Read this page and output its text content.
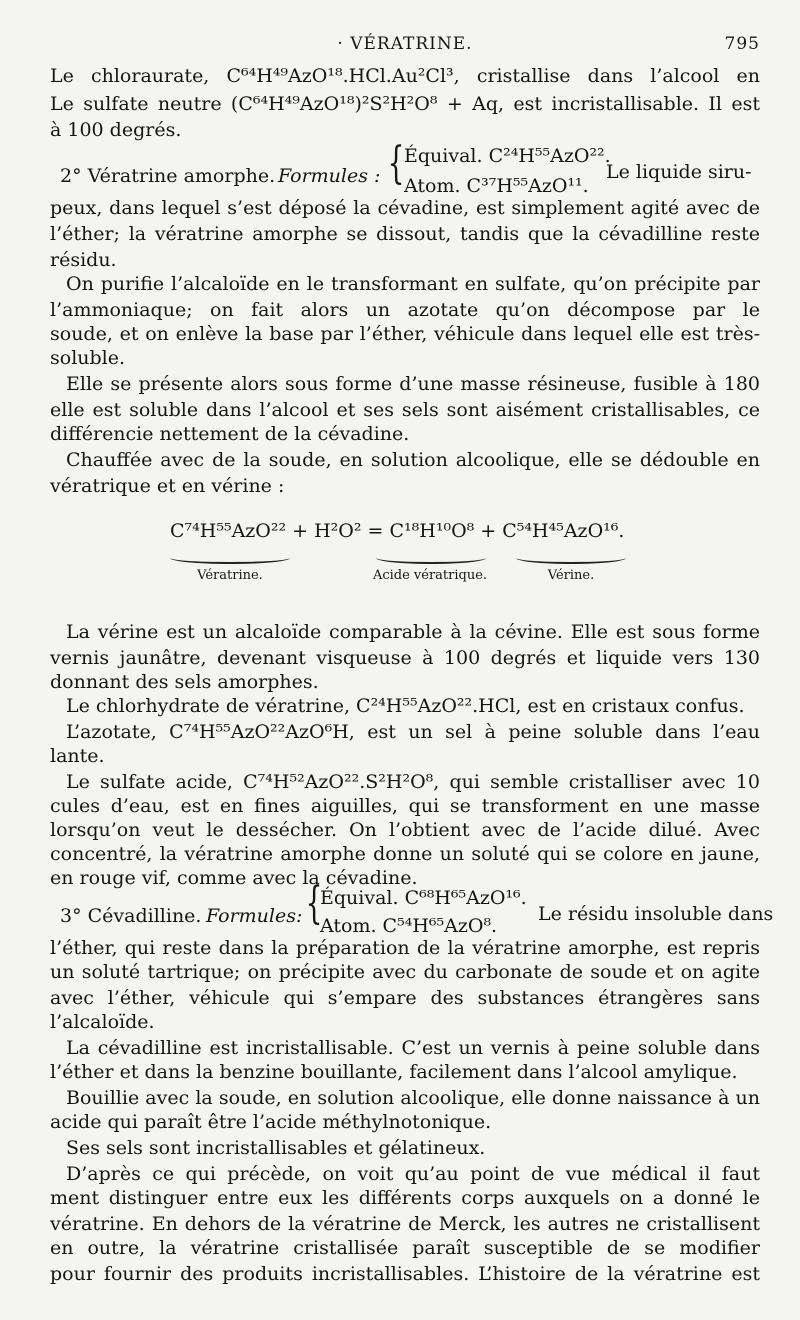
· VÉRATRINE.	795
Le chloraurate, C⁶⁴H⁴⁹AzO¹⁸.HCl.Au²Cl³, cristallise dans l’alcool en
Le sulfate neutre (C⁶⁴H⁴⁹AzO¹⁸)²S²H²O⁸ + Aq, est incristallisable. Il est
à 100 degrés.
2° Vératrine amorphe. Formules : { Équival. C²⁴H⁵⁵AzO²².
Atom. C³⁷H⁵⁵AzO¹¹.
Le liquide siru-
peux, dans lequel s’est déposé la cévadine, est simplement agité avec de
l’éther; la vératrine amorphe se dissout, tandis que la cévadilline reste
résidu.
On purifie l’alcaloïde en le transformant en sulfate, qu’on précipite par
l’ammoniaque; on fait alors un azotate qu’on décompose par le
soude, et on enlève la base par l’éther, véhicule dans lequel elle est très-
soluble.
Elle se présente alors sous forme d’une masse résineuse, fusible à 180
elle est soluble dans l’alcool et ses sels sont aisément cristallisables, ce
différencie nettement de la cévadine.
Chauffée avec de la soude, en solution alcoolique, elle se dédouble en
vératrique et en vérine :
C⁷⁴H⁵⁵AzO²² + H²O² = C¹⁸H¹⁰O⁸ + C⁵⁴H⁴⁵AzO¹⁶.
Vératrine.	Acide vératrique.	Vérine.
La vérine est un alcaloïde comparable à la cévine. Elle est sous forme
vernis jaunâtre, devenant visqueuse à 100 degrés et liquide vers 130
donnant des sels amorphes.
Le chlorhydrate de vératrine, C²⁴H⁵⁵AzO²².HCl, est en cristaux confus.
L’azotate, C⁷⁴H⁵⁵AzO²²AzO⁶H, est un sel à peine soluble dans l’eau
lante.
Le sulfate acide, C⁷⁴H⁵²AzO²².S²H²O⁸, qui semble cristalliser avec 10
cules d’eau, est en fines aiguilles, qui se transforment en une masse
lorsqu’on veut le dessécher. On l’obtient avec de l’acide dilué. Avec
concentré, la vératrine amorphe donne un soluté qui se colore en jaune,
en rouge vif, comme avec la cévadine.
3° Cévadilline. Formules: {
Équival. C⁶⁸H⁶⁵AzO¹⁶.
Atom. C⁵⁴H⁶⁵AzO⁸.
Le résidu insoluble dans
l’éther, qui reste dans la préparation de la vératrine amorphe, est repris
un soluté tartrique; on précipite avec du carbonate de soude et on agite
avec l’éther, véhicule qui s’empare des substances étrangères sans
l’alcaloïde.
La cévadilline est incristallisable. C’est un vernis à peine soluble dans
l’éther et dans la benzine bouillante, facilement dans l’alcool amylique.
Bouillie avec la soude, en solution alcoolique, elle donne naissance à un
acide qui paraît être l’acide méthylnotonique.
Ses sels sont incristallisables et gélatineux.
D’après ce qui précède, on voit qu’au point de vue médical il faut
ment distinguer entre eux les différents corps auxquels on a donné le
vératrine. En dehors de la vératrine de Merck, les autres ne cristallisent
en outre, la vératrine cristallisée paraît susceptible de se modifier
pour fournir des produits incristallisables. L’histoire de la vératrine est
